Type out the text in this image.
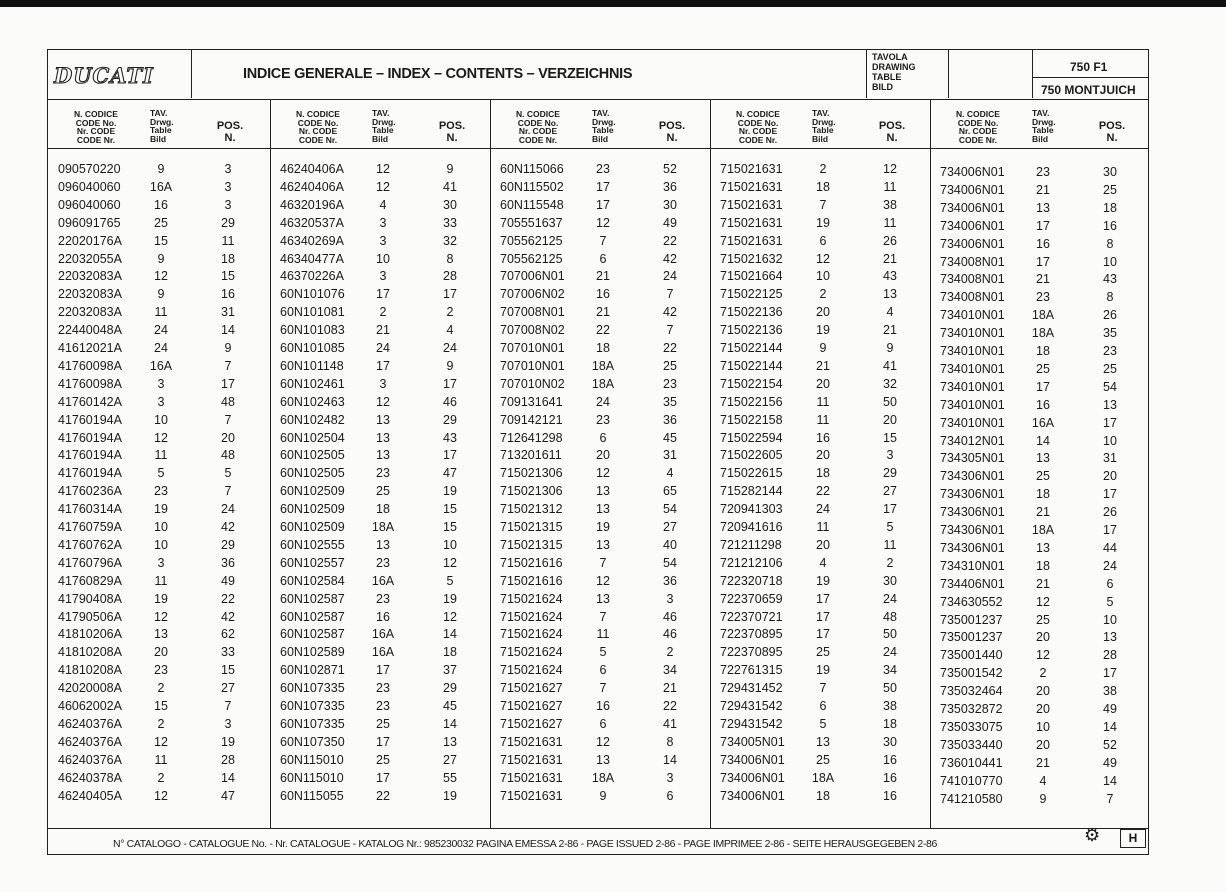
DUCATI	INDICE GENERALE – INDEX – CONTENTS – VERZEICHNIS
TAVOLA
DRAWING
TABLE
BILD
750 F1
750 MONTJUICH
N. CODICE
CODE No.
Nr. CODE
CODE Nr.
TAV.
Drwg.
Table
Bild
POS.
N.
090570220	9	3
096040060 16A	3
096040060	16	3
096091765	25	29
22020176A	15	11
22032055A	9	18
22032083A	12	15
22032083A	9	16
22032083A	11	31
22440048A	24	14
41612021A	24	9
41760098A 16A	7
41760098A	3	17
41760142A	3	48
41760194A	10	7
41760194A	12	20
41760194A	11	48
41760194A	5	5
41760236A	23	7
41760314A	19	24
41760759A	10	42
41760762A	10	29
41760796A	3	36
41760829A	11	49
41790408A	19	22
41790506A	12	42
41810206A	13	62
41810208A	20	33
41810208A	23	15
42020008A	2	27
46062002A	15	7
46240376A	2	3
46240376A	12	19
46240376A	11	28
46240378A	2	14
46240405A	12	47
N. CODICE
CODE No.
Nr. CODE
CODE Nr.
TAV.
Drwg.
Table
Bild
POS.
N.
46240406A	12	9
46240406A	12	41
46320196A	4	30
46320537A	3	33
46340269A	3	32
46340477A	10	8
46370226A	3	28
60N101076	17	17
60N101081	2	2
60N101083	21	4
60N101085	24	24
60N101148	17	9
60N102461	3	17
60N102463	12	46
60N102482	13	29
60N102504	13	43
60N102505	13	17
60N102505	23	47
60N102509	25	19
60N102509	18	15
60N102509 18A	15
60N102555	13	10
60N102557	23	12
60N102584 16A	5
60N102587	23	19
60N102587	16	12
60N102587 16A	14
60N102589 16A	18
60N102871	17	37
60N107335	23	29
60N107335	23	45
60N107335	25	14
60N107350	17	13
60N115010	25	27
60N115010	17	55
60N115055	22	19
N. CODICE
CODE No.
Nr. CODE
CODE Nr.
TAV.
Drwg.
Table
Bild
POS.
N.
60N115066	23	52
60N115502	17	36
60N115548	17	30
705551637	12	49
705562125	7	22
705562125	6	42
707006N01	21	24
707006N02	16	7
707008N01	21	42
707008N02	22	7
707010N01	18	22
707010N01 18A	25
707010N02 18A	23
709131641	24	35
709142121	23	36
712641298	6	45
713201611	20	31
715021306	12	4
715021306	13	65
715021312	13	54
715021315	19	27
715021315	13	40
715021616	7	54
715021616	12	36
715021624	13	3
715021624	7	46
715021624	11	46
715021624	5	2
715021624	6	34
715021627	7	21
715021627	16	22
715021627	6	41
715021631	12	8
715021631	13	14
715021631 18A	3
715021631	9	6
N. CODICE
CODE No.
Nr. CODE
CODE Nr.
TAV.
Drwg.
Table
Bild
POS.
N.
715021631	2	12
715021631	18	11
715021631	7	38
715021631	19	11
715021631	6	26
715021632	12	21
715021664	10	43
715022125	2	13
715022136	20	4
715022136	19	21
715022144	9	9
715022144	21	41
715022154	20	32
715022156	11	50
715022158	11	20
715022594	16	15
715022605	20	3
715022615	18	29
715282144	22	27
720941303	24	17
720941616	11	5
721211298	20	11
721212106	4	2
722320718	19	30
722370659	17	24
722370721	17	48
722370895	17	50
722370895	25	24
722761315	19	34
729431452	7	50
729431542	6	38
729431542	5	18
734005N01	13	30
734006N01	25	16
734006N01 18A	16
734006N01	18	16
N. CODICE
CODE No.
Nr. CODE
CODE Nr.
TAV.
Drwg.
Table
Bild
POS.
N.
734006N01	23	30
734006N01	21	25
734006N01	13	18
734006N01	17	16
734006N01	16	8
734008N01	17	10
734008N01	21	43
734008N01	23	8
734010N01 18A	26
734010N01 18A	35
734010N01	18	23
734010N01	25	25
734010N01	17	54
734010N01	16	13
734010N01 16A	17
734012N01	14	10
734305N01	13	31
734306N01	25	20
734306N01	18	17
734306N01	21	26
734306N01 18A	17
734306N01	13	44
734310N01	18	24
734406N01	21	6
734630552	12	5
735001237	25	10
735001237	20	13
735001440	12	28
735001542	2	17
735032464	20	38
735032872	20	49
735033075	10	14
735033440	20	52
736010441	21	49
741010770	4	14
741210580	9	7
N° CATALOGO - CATALOGUE No. - Nr. CATALOGUE - KATALOG Nr.: 985230032 PAGINA EMESSA 2-86 - PAGE ISSUED 2-86 - PAGE IMPRIMEE 2-86 - SEITE HERAUSGEGEBEN 2-86	⚙	H
